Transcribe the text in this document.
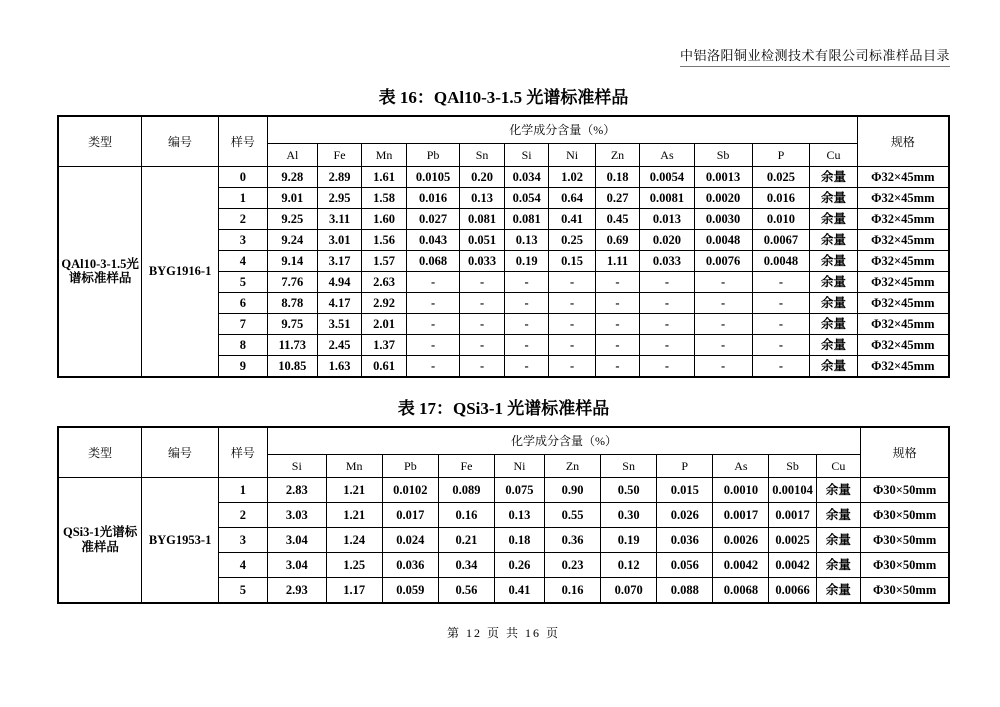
中铝洛阳铜业检测技术有限公司标准样品目录
表 16：QAl10-3-1.5 光谱标准样品
类型	编号	样号	化学成分含量（%）												规格
			Al	Fe	Mn	Pb	Sn	Si	Ni	Zn	As	Sb	P	Cu	
QAl10-3-1.5光谱标准样品	BYG1916-1	0	9.28	2.89	1.61	0.0105	0.20	0.034	1.02	0.18	0.0054	0.0013	0.025	余量	Φ32×45mm
		1	9.01	2.95	1.58	0.016	0.13	0.054	0.64	0.27	0.0081	0.0020	0.016	余量	Φ32×45mm
		2	9.25	3.11	1.60	0.027	0.081	0.081	0.41	0.45	0.013	0.0030	0.010	余量	Φ32×45mm
		3	9.24	3.01	1.56	0.043	0.051	0.13	0.25	0.69	0.020	0.0048	0.0067	余量	Φ32×45mm
		4	9.14	3.17	1.57	0.068	0.033	0.19	0.15	1.11	0.033	0.0076	0.0048	余量	Φ32×45mm
		5	7.76	4.94	2.63	-	-	-	-	-	-	-	-	余量	Φ32×45mm
		6	8.78	4.17	2.92	-	-	-	-	-	-	-	-	余量	Φ32×45mm
		7	9.75	3.51	2.01	-	-	-	-	-	-	-	-	余量	Φ32×45mm
		8	11.73	2.45	1.37	-	-	-	-	-	-	-	-	余量	Φ32×45mm
		9	10.85	1.63	0.61	-	-	-	-	-	-	-	-	余量	Φ32×45mm
表 17：QSi3-1 光谱标准样品
类型	编号	样号	化学成分含量（%）											规格
			Si	Mn	Pb	Fe	Ni	Zn	Sn	P	As	Sb	Cu	
QSi3-1光谱标准样品	BYG1953-1	1	2.83	1.21	0.0102	0.089	0.075	0.90	0.50	0.015	0.0010	0.00104	余量	Φ30×50mm
		2	3.03	1.21	0.017	0.16	0.13	0.55	0.30	0.026	0.0017	0.0017	余量	Φ30×50mm
		3	3.04	1.24	0.024	0.21	0.18	0.36	0.19	0.036	0.0026	0.0025	余量	Φ30×50mm
		4	3.04	1.25	0.036	0.34	0.26	0.23	0.12	0.056	0.0042	0.0042	余量	Φ30×50mm
		5	2.93	1.17	0.059	0.56	0.41	0.16	0.070	0.088	0.0068	0.0066	余量	Φ30×50mm
第 12 页 共 16 页
